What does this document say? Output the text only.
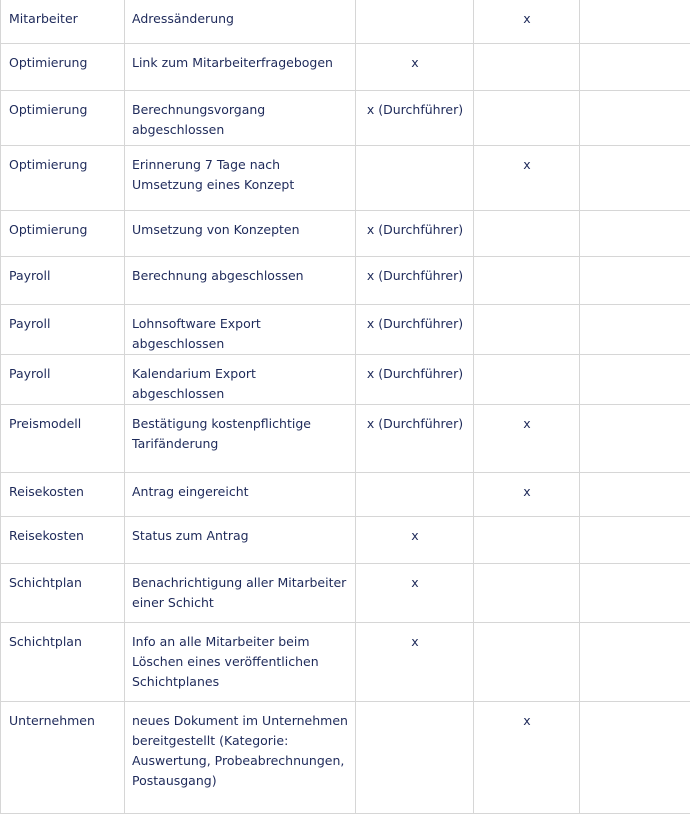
Mitarbeiter	Adressänderung		x	
Optimierung	Link zum Mitarbeiterfragebogen	x		
Optimierung	Berechnungsvorgang abgeschlossen	x (Durchführer)		
Optimierung	Erinnerung 7 Tage nach Umsetzung eines Konzept		x	
Optimierung	Umsetzung von Konzepten	x (Durchführer)		
Payroll	Berechnung abgeschlossen	x (Durchführer)		
Payroll	Lohnsoftware Export abgeschlossen	x (Durchführer)		
Payroll	Kalendarium Export abgeschlossen	x (Durchführer)		
Preismodell	Bestätigung kostenpflichtige Tarifänderung	x (Durchführer)	x	
Reisekosten	Antrag eingereicht		x	
Reisekosten	Status zum Antrag	x		
Schichtplan	Benachrichtigung aller Mitarbeiter einer Schicht	x		
Schichtplan	Info an alle Mitarbeiter beim Löschen eines veröffentlichen Schichtplanes	x		
Unternehmen	neues Dokument im Unternehmen bereitgestellt (Kategorie: Auswertung, Probeabrechnungen, Postausgang)		x	
